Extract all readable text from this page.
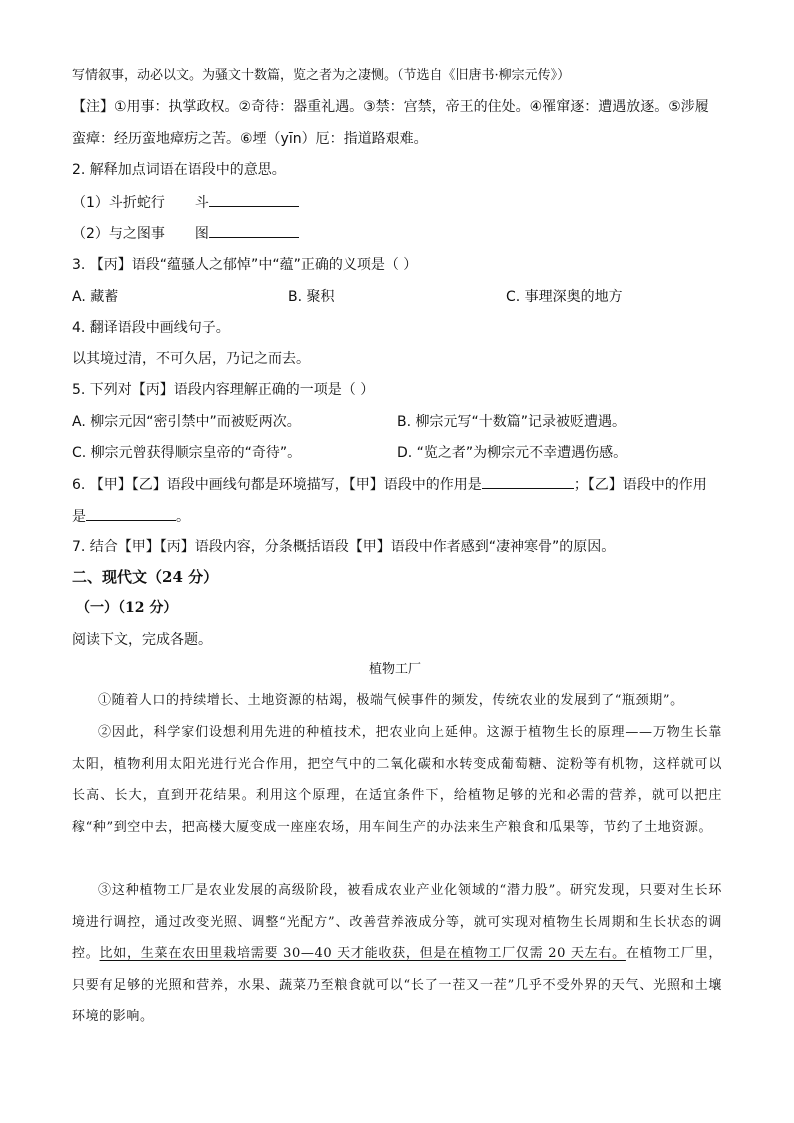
写情叙事，动必以文。为骚文十数篇，览之者为之凄恻。（节选自《旧唐书·柳宗元传》）
【注】①用事：执掌政权。②奇待：器重礼遇。③禁：宫禁，帝王的住处。④罹窜逐：遭遇放逐。⑤涉履
蛮瘴：经历蛮地瘴疠之苦。⑥堙（yīn）厄：指道路艰难。
2. 解释加点词语在语段中的意思。
（1）斗折蛇行 斗
（2）与之图事 图
3. 【丙】语段“蕴骚人之郁悼”中“蕴”正确的义项是（ ）
A. 藏蓄	B. 聚积	C. 事理深奥的地方
4. 翻译语段中画线句子。
以其境过清，不可久居，乃记之而去。
5. 下列对【丙】语段内容理解正确的一项是（ ）
A. 柳宗元因“密引禁中”而被贬两次。	B. 柳宗元写“十数篇”记录被贬遭遇。
C. 柳宗元曾获得顺宗皇帝的“奇待”。	D. “览之者”为柳宗元不幸遭遇伤感。
6. 【甲】【乙】语段中画线句都是环境描写，【甲】语段中的作用是	；【乙】语段中的作用
是	。
7. 结合【甲】【丙】语段内容，分条概括语段【甲】语段中作者感到“凄神寒骨”的原因。
二、现代文（24 分）
（一）（12 分）
阅读下文，完成各题。
植物工厂
①随着人口的持续增长、土地资源的枯竭，极端气候事件的频发，传统农业的发展到了“瓶颈期”。
②因此，科学家们设想利用先进的种植技术，把农业向上延伸。这源于植物生长的原理——万物生长靠太阳，植物利用太阳光进行光合作用，把空气中的二氧化碳和水转变成葡萄糖、淀粉等有机物，这样就可以长高、长大，直到开花结果。利用这个原理，在适宜条件下，给植物足够的光和必需的营养，就可以把庄稼“种”到空中去，把高楼大厦变成一座座农场，用车间生产的办法来生产粮食和瓜果等，节约了土地资源。
③这种植物工厂是农业发展的高级阶段，被看成农业产业化领域的“潜力股”。研究发现，只要对生长环境进行调控，通过改变光照、调整“光配方”、改善营养液成分等，就可实现对植物生长周期和生长状态的调控。比如，生菜在农田里栽培需要 30—40 天才能收获，但是在植物工厂仅需 20 天左右。在植物工厂里，只要有足够的光照和营养，水果、蔬菜乃至粮食就可以“长了一茬又一茬”几乎不受外界的天气、光照和土壤环境的影响。
